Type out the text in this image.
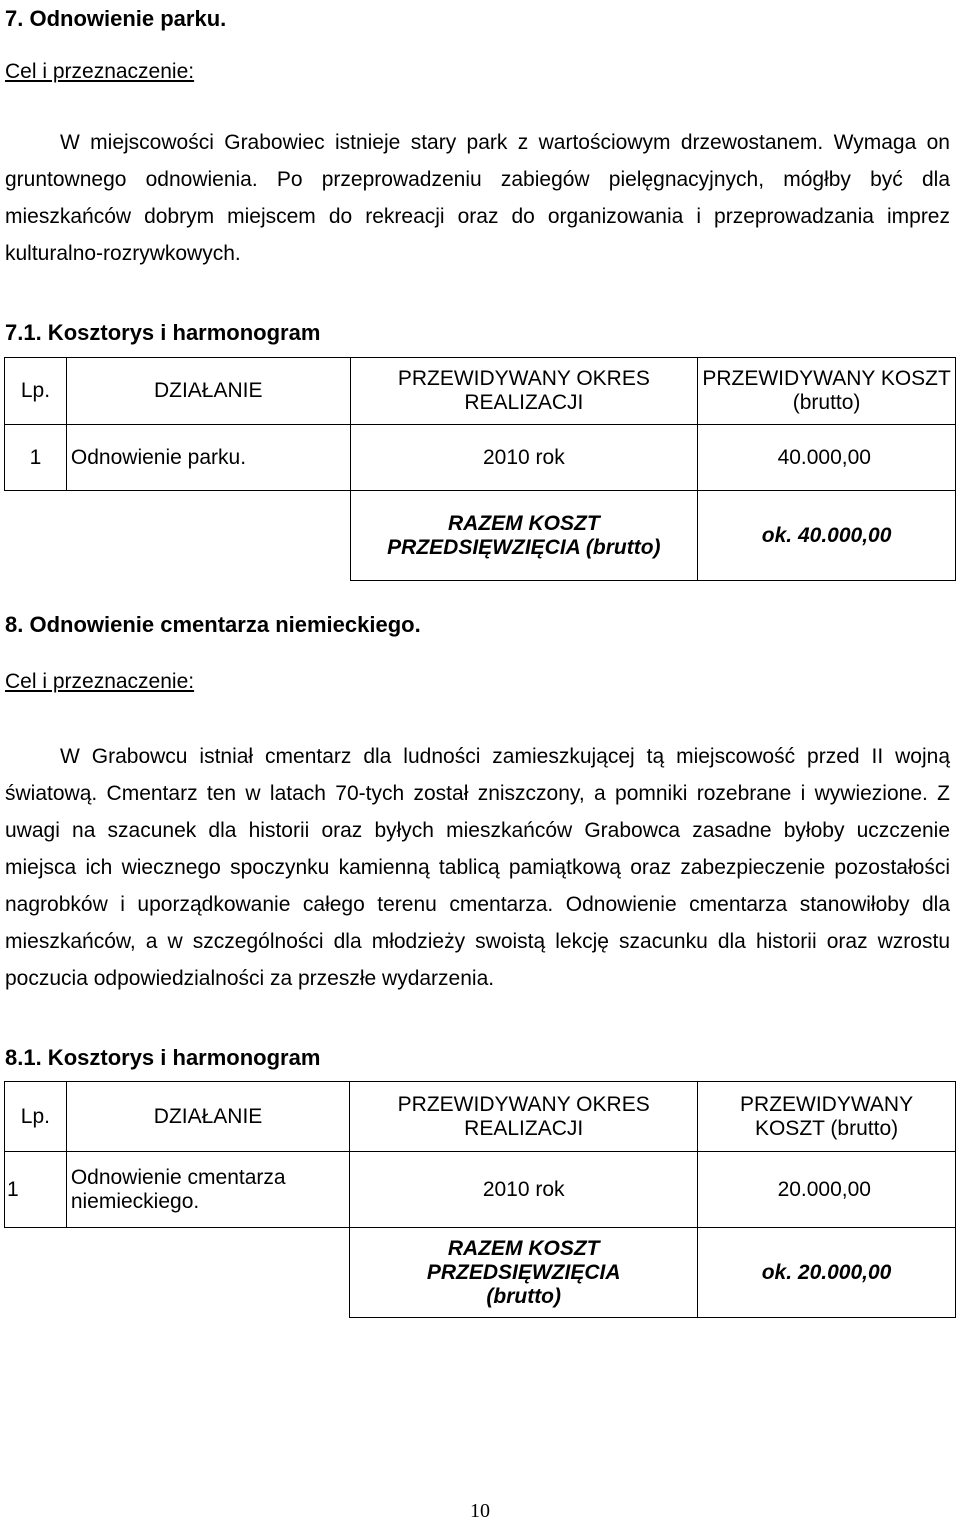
7. Odnowienie parku.
Cel i przeznaczenie:
W miejscowości Grabowiec istnieje stary park z wartościowym drzewostanem. Wymaga on gruntownego odnowienia. Po przeprowadzeniu zabiegów pielęgnacyjnych, mógłby być dla mieszkańców dobrym miejscem do rekreacji oraz do organizowania i przeprowadzania imprez kulturalno-rozrywkowych.
7.1. Kosztorys i harmonogram
Lp.	DZIAŁANIE	PRZEWIDYWANY OKRES REALIZACJI	PRZEWIDYWANY KOSZT (brutto)
1	Odnowienie parku.	2010 rok	40.000,00
		RAZEM KOSZT PRZEDSIĘWZIĘCIA (brutto)	ok. 40.000,00
8. Odnowienie cmentarza niemieckiego.
Cel i przeznaczenie:
W Grabowcu istniał cmentarz dla ludności zamieszkującej tą miejscowość przed II wojną światową. Cmentarz ten w latach 70-tych został zniszczony, a pomniki rozebrane i wywiezione. Z uwagi na szacunek dla historii oraz byłych mieszkańców Grabowca zasadne byłoby uczczenie miejsca ich wiecznego spoczynku kamienną tablicą pamiątkową oraz zabezpieczenie pozostałości nagrobków i uporządkowanie całego terenu cmentarza. Odnowienie cmentarza stanowiłoby dla mieszkańców, a w szczególności dla młodzieży swoistą lekcję szacunku dla historii oraz wzrostu poczucia odpowiedzialności za przeszłe wydarzenia.
8.1. Kosztorys i harmonogram
Lp.	DZIAŁANIE	PRZEWIDYWANY OKRES REALIZACJI	PRZEWIDYWANY KOSZT (brutto)
1	Odnowienie cmentarza niemieckiego.	2010 rok	20.000,00
		RAZEM KOSZT PRZEDSIĘWZIĘCIA (brutto)	ok. 20.000,00
10
